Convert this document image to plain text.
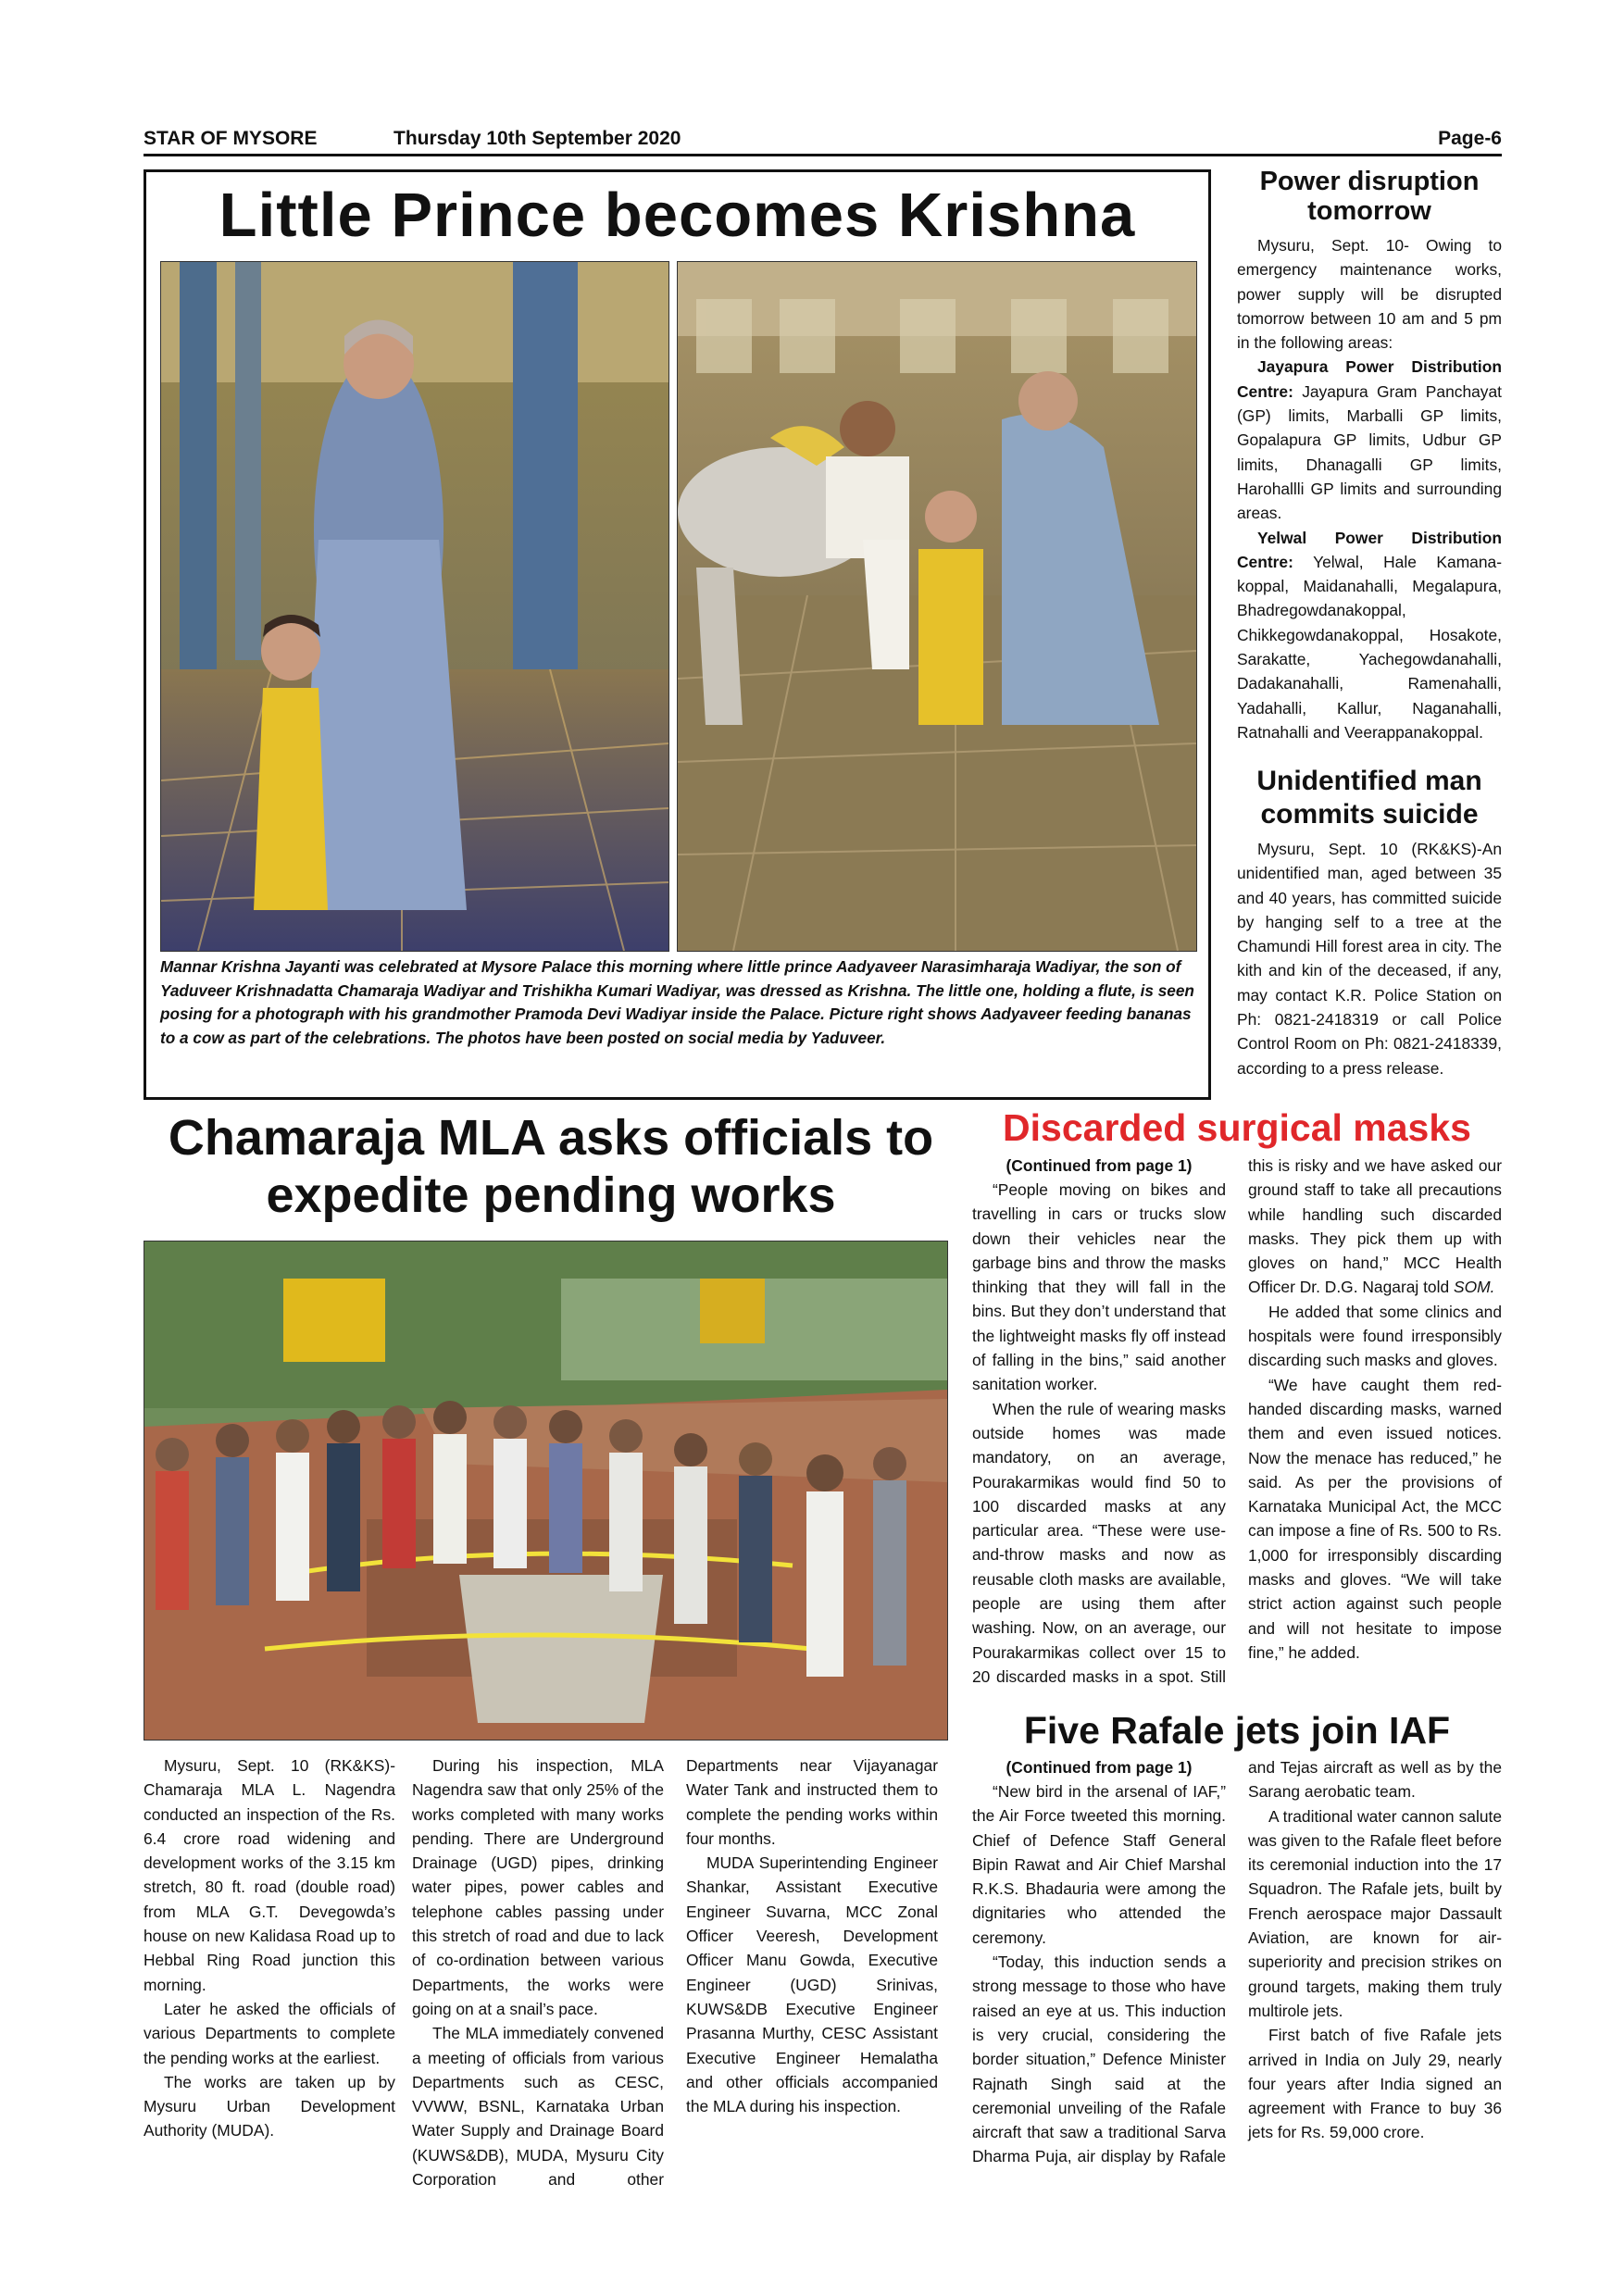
STAR OF MYSORE	Thursday 10th September 2020	Page-6
Little Prince becomes Krishna
Mannar Krishna Jayanti was celebrated at Mysore Palace this morning where little prince Aadyaveer Narasimharaja Wadiyar, the son of Yaduveer Krishnadatta Chamaraja Wadiyar and Trishikha Kumari Wadiyar, was dressed as Krishna. The little one, holding a flute, is seen posing for a photograph with his grandmother Pramoda Devi Wadiyar inside the Palace. Picture right shows Aadyaveer feeding bananas to a cow as part of the celebrations. The photos have been posted on social media by Yaduveer.
Power disruption tomorrow

Mysuru, Sept. 10- Owing to emergency maintenance works, power supply will be disrupted tomorrow between 10 am and 5 pm in the following areas:

Jayapura Power Distribution Centre: Jayapura Gram Panchayat (GP) limits, Marballi GP limits, Gopalapura GP limits, Udbur GP limits, Dhanagalli GP limits, Harohallli GP limits and surrounding areas.

Yelwal Power Distribution Centre: Yelwal, Hale Kamana-koppal, Maidanahalli, Megalapura, Bhadregowdanakoppal, Chikkegowdanakoppal, Hosakote, Sarakatte, Yachegowdanahalli, Dadakanahalli, Ramenahalli, Yadahalli, Kallur, Naganahalli, Ratnahalli and Veerappanakoppal.

Unidentified man commits suicide

Mysuru, Sept. 10 (RK&KS)-An unidentified man, aged between 35 and 40 years, has committed suicide by hanging self to a tree at the Chamundi Hill forest area in city. The kith and kin of the deceased, if any, may contact K.R. Police Station on Ph: 0821-2418319 or call Police Control Room on Ph: 0821-2418339, according to a press release.

Chamaraja MLA asks officials to expedite pending works

Mysuru, Sept. 10 (RK&KS)-Chamaraja MLA L. Nagendra conducted an inspection of the Rs. 6.4 crore road widening and development works of the 3.15 km stretch, 80 ft. road (double road) from MLA G.T. Devegowda’s house on new Kalidasa Road up to Hebbal Ring Road junction this morning.

Later he asked the officials of various Departments to complete the pending works at the earliest.

The works are taken up by Mysuru Urban Development Authority (MUDA).

During his inspection, MLA Nagendra saw that only 25% of the works completed with many works pending. There are Underground Drainage (UGD) pipes, drinking water pipes, power cables and telephone cables passing under this stretch of road and due to lack of co-ordination between various Departments, the works were going on at a snail’s pace.

The MLA immediately convened a meeting of officials from various Departments such as CESC, VVWW, BSNL, Karnataka Urban Water Supply and Drainage Board (KUWS&DB), MUDA, Mysuru City Corporation and other Departments near Vijayanagar Water Tank and instructed them to complete the pending works within four months.

MUDA Superintending Engineer Shankar, Assistant Executive Engineer Suvarna, MCC Zonal Officer Veeresh, Development Officer Manu Gowda, Executive Engineer (UGD) Srinivas, KUWS&DB Executive Engineer Prasanna Murthy, CESC Assistant Executive Engineer Hemalatha and other officials accompanied the MLA during his inspection.

Discarded surgical masks
(Continued from page 1)

“People moving on bikes and travelling in cars or trucks slow down their vehicles near the garbage bins and throw the masks thinking that they will fall in the bins. But they don’t understand that the lightweight masks fly off instead of falling in the bins,” said another sanitation worker.

When the rule of wearing masks outside homes was made mandatory, on an average, Pourakarmikas would find 50 to 100 discarded masks at any particular area. “These were use-and-throw masks and now as reusable cloth masks are available, people are using them after washing. Now, on an average, our Pourakarmikas collect over 15 to 20 discarded masks in a spot. Still this is risky and we have asked our ground staff to take all precautions while handling such discarded masks. They pick them up with gloves on hand,” MCC Health Officer Dr. D.G. Nagaraj told SOM.

He added that some clinics and hospitals were found irresponsibly discarding such masks and gloves.

“We have caught them red-handed discarding masks, warned them and even issued notices. Now the menace has reduced,” he said. As per the provisions of Karnataka Municipal Act, the MCC can impose a fine of Rs. 500 to Rs. 1,000 for irresponsibly discarding masks and gloves. “We will take strict action against such people and will not hesitate to impose fine,” he added.

Five Rafale jets join IAF
(Continued from page 1)

“New bird in the arsenal of IAF,” the Air Force tweeted this morning. Chief of Defence Staff General Bipin Rawat and Air Chief Marshal R.K.S. Bhadauria were among the dignitaries who attended the ceremony.

“Today, this induction sends a strong message to those who have raised an eye at us. This induction is very crucial, considering the border situation,” Defence Minister Rajnath Singh said at the ceremonial unveiling of the Rafale aircraft that saw a traditional Sarva Dharma Puja, air display by Rafale and Tejas aircraft as well as by the Sarang aerobatic team.

A traditional water cannon salute was given to the Rafale fleet before its ceremonial induction into the 17 Squadron. The Rafale jets, built by French aerospace major Dassault Aviation, are known for air-superiority and precision strikes on ground targets, making them truly multirole jets.

First batch of five Rafale jets arrived in India on July 29, nearly four years after India signed an agreement with France to buy 36 jets for Rs. 59,000 crore.
